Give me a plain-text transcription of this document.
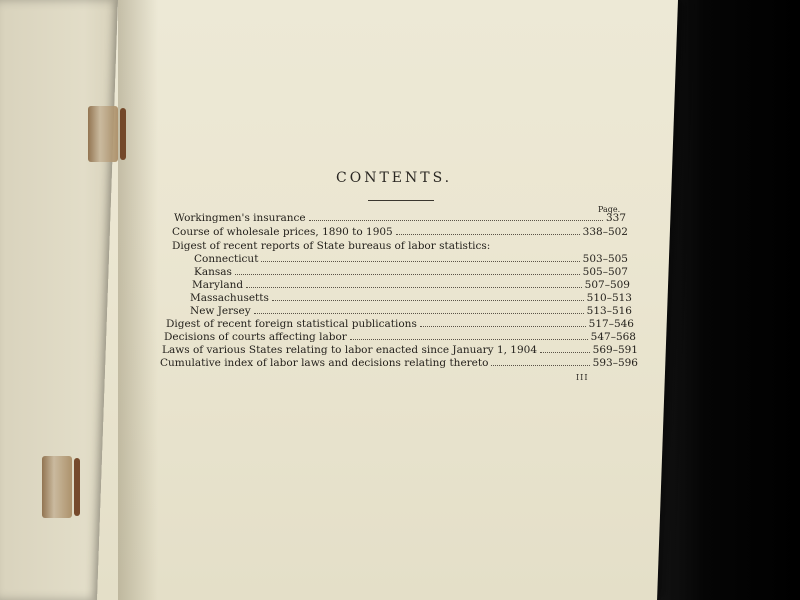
CONTENTS.
Page.
Workingmen's insurance	337
Course of wholesale prices, 1890 to 1905	338–502
Digest of recent reports of State bureaus of labor statistics:
Connecticut	503–505
Kansas	505–507
Maryland	507–509
Massachusetts	510–513
New Jersey	513–516
Digest of recent foreign statistical publications	517–546
Decisions of courts affecting labor	547–568
Laws of various States relating to labor enacted since January 1, 1904	569–591
Cumulative index of labor laws and decisions relating thereto	593–596
III
